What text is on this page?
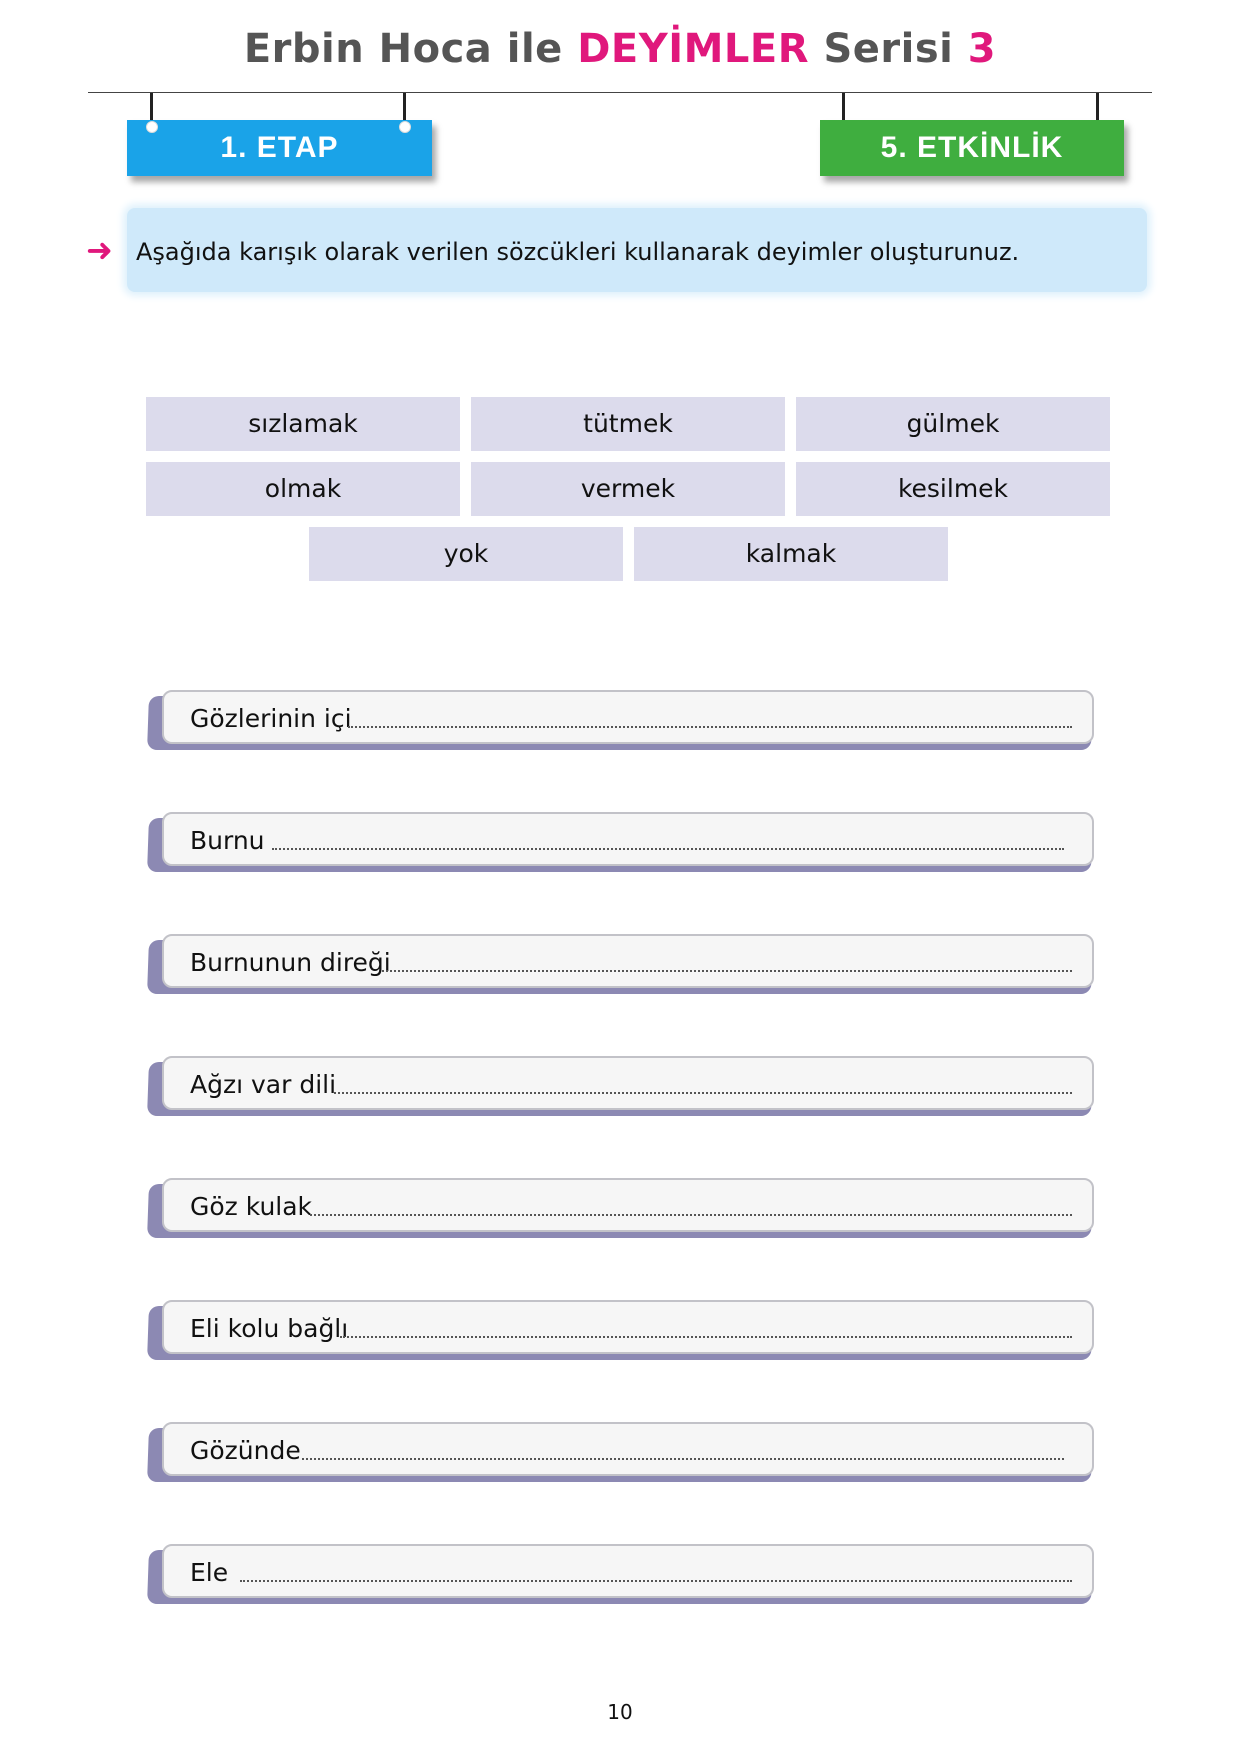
Erbin Hoca ile DEYİMLER Serisi 3
1. ETAP	5. ETKİNLİK
➜ Aşağıda karışık olarak verilen sözcükleri kullanarak deyimler oluşturunuz.
sızlamak	tütmek	gülmek
olmak	vermek	kesilmek
yok	kalmak
Gözlerinin içi
Burnu
Burnunun direği
Ağzı var dili
Göz kulak
Eli kolu bağlı
Gözünde
Ele
10
